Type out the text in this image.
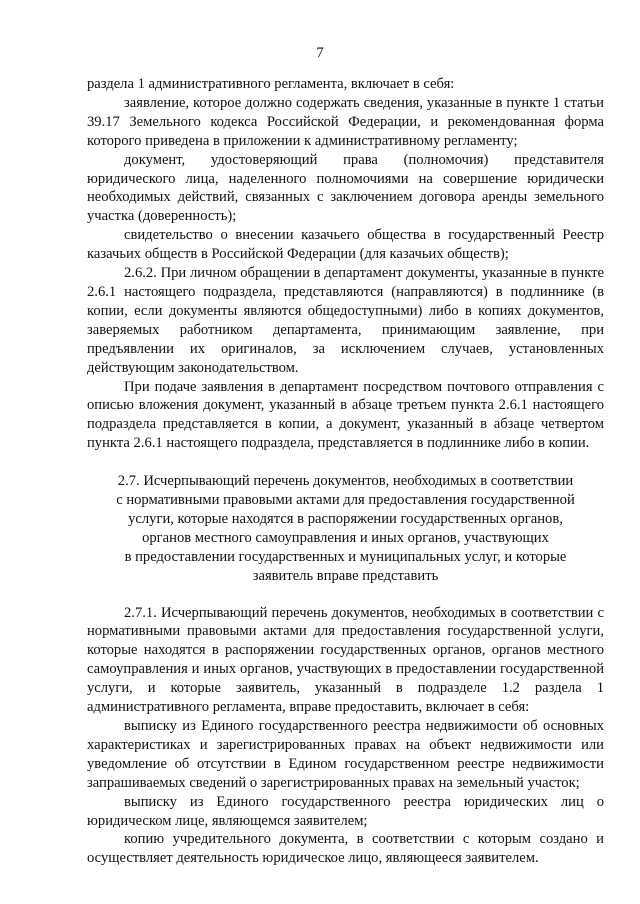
7

раздела 1 административного регламента, включает в себя:

заявление, которое должно содержать сведения, указанные в пункте 1 статьи 39.17 Земельного кодекса Российской Федерации, и рекомендованная форма которого приведена в приложении к административному регламенту;

документ, удостоверяющий права (полномочия) представителя юридического лица, наделенного полномочиями на совершение юридически необходимых действий, связанных с заключением договора аренды земельного участка (доверенность);

свидетельство о внесении казачьего общества в государственный Реестр казачьих обществ в Российской Федерации (для казачьих обществ);

2.6.2. При личном обращении в департамент документы, указанные в пункте 2.6.1 настоящего подраздела, представляются (направляются) в подлиннике (в копии, если документы являются общедоступными) либо в копиях документов, заверяемых работником департамента, принимающим заявление, при предъявлении их оригиналов, за исключением случаев, установленных действующим законодательством.

При подаче заявления в департамент посредством почтового отправления с описью вложения документ, указанный в абзаце третьем пункта 2.6.1 настоящего подраздела представляется в копии, а документ, указанный в абзаце четвертом пункта 2.6.1 настоящего подраздела, представляется в подлиннике либо в копии.

2.7. Исчерпывающий перечень документов, необходимых в соответствии
с нормативными правовыми актами для предоставления государственной
услуги, которые находятся в распоряжении государственных органов,
органов местного самоуправления и иных органов, участвующих
в предоставлении государственных и муниципальных услуг, и которые
заявитель вправе представить

2.7.1. Исчерпывающий перечень документов, необходимых в соответствии с нормативными правовыми актами для предоставления государственной услуги, которые находятся в распоряжении государственных органов, органов местного самоуправления и иных органов, участвующих в предоставлении государственной услуги, и которые заявитель, указанный в подразделе 1.2 раздела 1 административного регламента, вправе предоставить, включает в себя:

выписку из Единого государственного реестра недвижимости об основных характеристиках и зарегистрированных правах на объект недвижимости или уведомление об отсутствии в Едином государственном реестре недвижимости запрашиваемых сведений о зарегистрированных правах на земельный участок;

выписку из Единого государственного реестра юридических лиц о юридическом лице, являющемся заявителем;

копию учредительного документа, в соответствии с которым создано и осуществляет деятельность юридическое лицо, являющееся заявителем.
